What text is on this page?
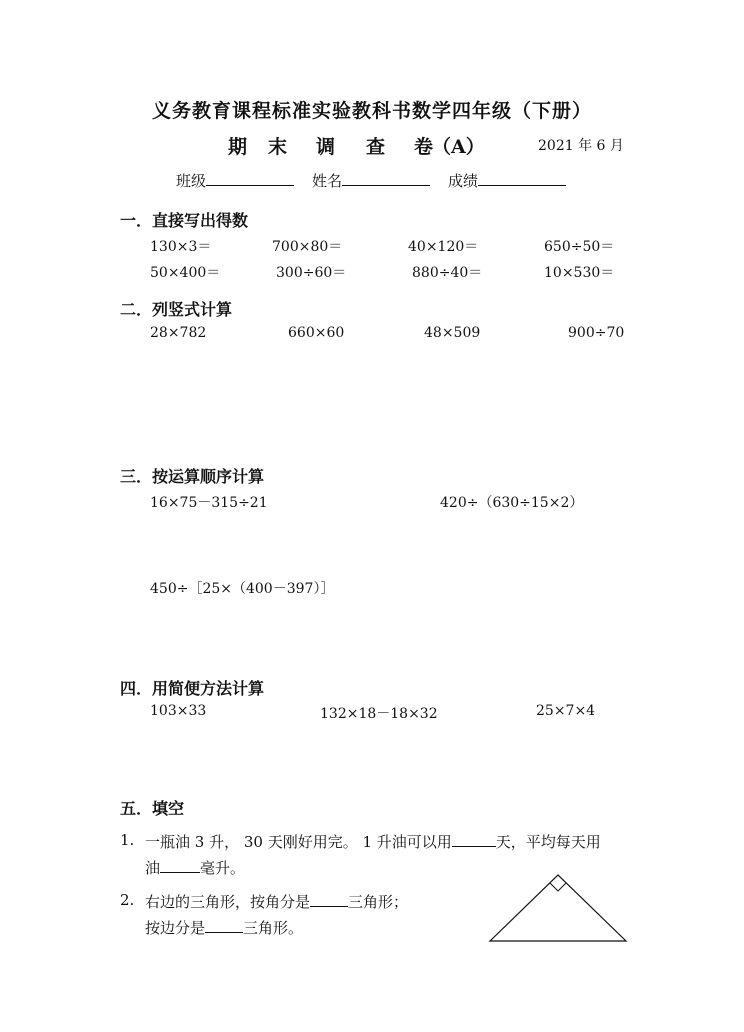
义务教育课程标准实验教科书数学四年级（下册）
期 末 调 查 卷
（A）	2021 年 6 月
班级	姓名	成绩
一．直接写出得数
130×3＝	700×80＝	40×120＝	650÷50＝
50×400＝	300÷60＝	880÷40＝	10×530＝
二．列竖式计算
28×782	660×60	48×509	900÷70
三．按运算顺序计算
16×75－315÷21	420÷（630÷15×2）
450÷［25×（400－397）］
四．用简便方法计算
103×33	132×18－18×32	25×7×4
五．填空
1. 一瓶油 3 升， 30 天刚好用完。 1 升油可以用	天，平均每天用
油	毫升。
2. 右边的三角形，按角分是	三角形；
按边分是	三角形。
